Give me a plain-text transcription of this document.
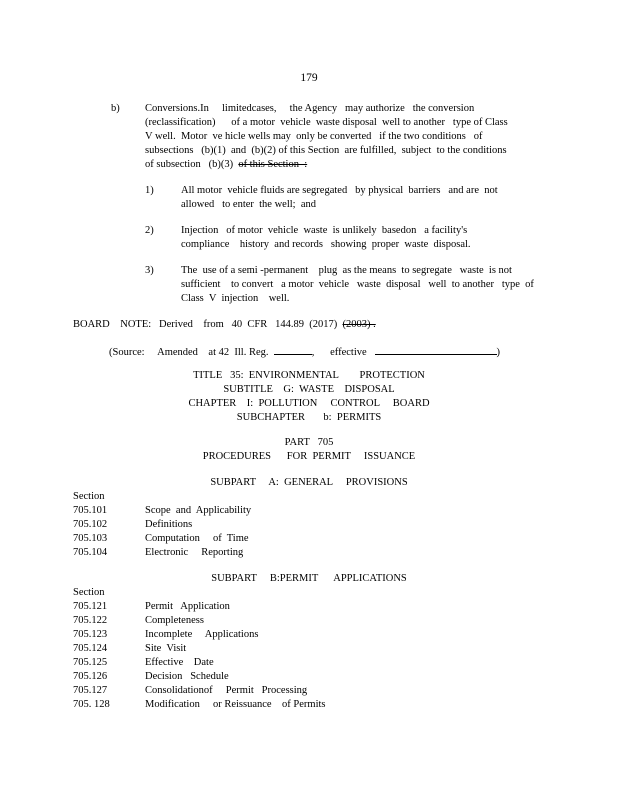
179
b) Conversions.In     limitedcases,     the Agency   may authorize   the conversion
(reclassification)      of a motor  vehicle  waste disposal  well to another   type of Class
V well.  Motor  ve hicle wells may  only be converted   if the two conditions   of
subsections   (b)(1)  and  (b)(2) of this Section  are fulfilled,  subject  to the conditions
of subsection   (b)(3) of this Section  :
1)	All motor  vehicle fluids are segregated   by physical  barriers   and are  not
allowed   to enter  the well;  and
2)	Injection   of motor  vehicle  waste  is unlikely  basedon   a facility's
compliance    history  and records   showing  proper  waste  disposal.
3)	The  use of a semi -permanent    plug  as the means  to segregate   waste  is not
sufficient    to convert   a motor  vehicle   waste  disposal   well  to another   type  of
Class  V  injection    well.
BOARD    NOTE:   Derived    from   40  CFR   144.89  (2017) (2003) .
(Source:     Amended    at 42  Ill. Reg.	,      effective	)
TITLE   35:  ENVIRONMENTAL        PROTECTION
SUBTITLE    G:  WASTE    DISPOSAL
CHAPTER    I:  POLLUTION     CONTROL     BOARD
SUBCHAPTER       b:  PERMITS
PART   705
PROCEDURES      FOR  PERMIT     ISSUANCE
SUBPART     A:  GENERAL     PROVISIONS
Section
705.101	Scope  and  Applicability
705.102	Definitions
705.103	Computation     of  Time
705.104	Electronic     Reporting
SUBPART     B:PERMIT      APPLICATIONS
Section
705.121	Permit   Application
705.122	Completeness
705.123	Incomplete     Applications
705.124	Site  Visit
705.125	Effective    Date
705.126	Decision   Schedule
705.127	Consolidationof     Permit   Processing
705. 128	Modification     or Reissuance    of Permits
